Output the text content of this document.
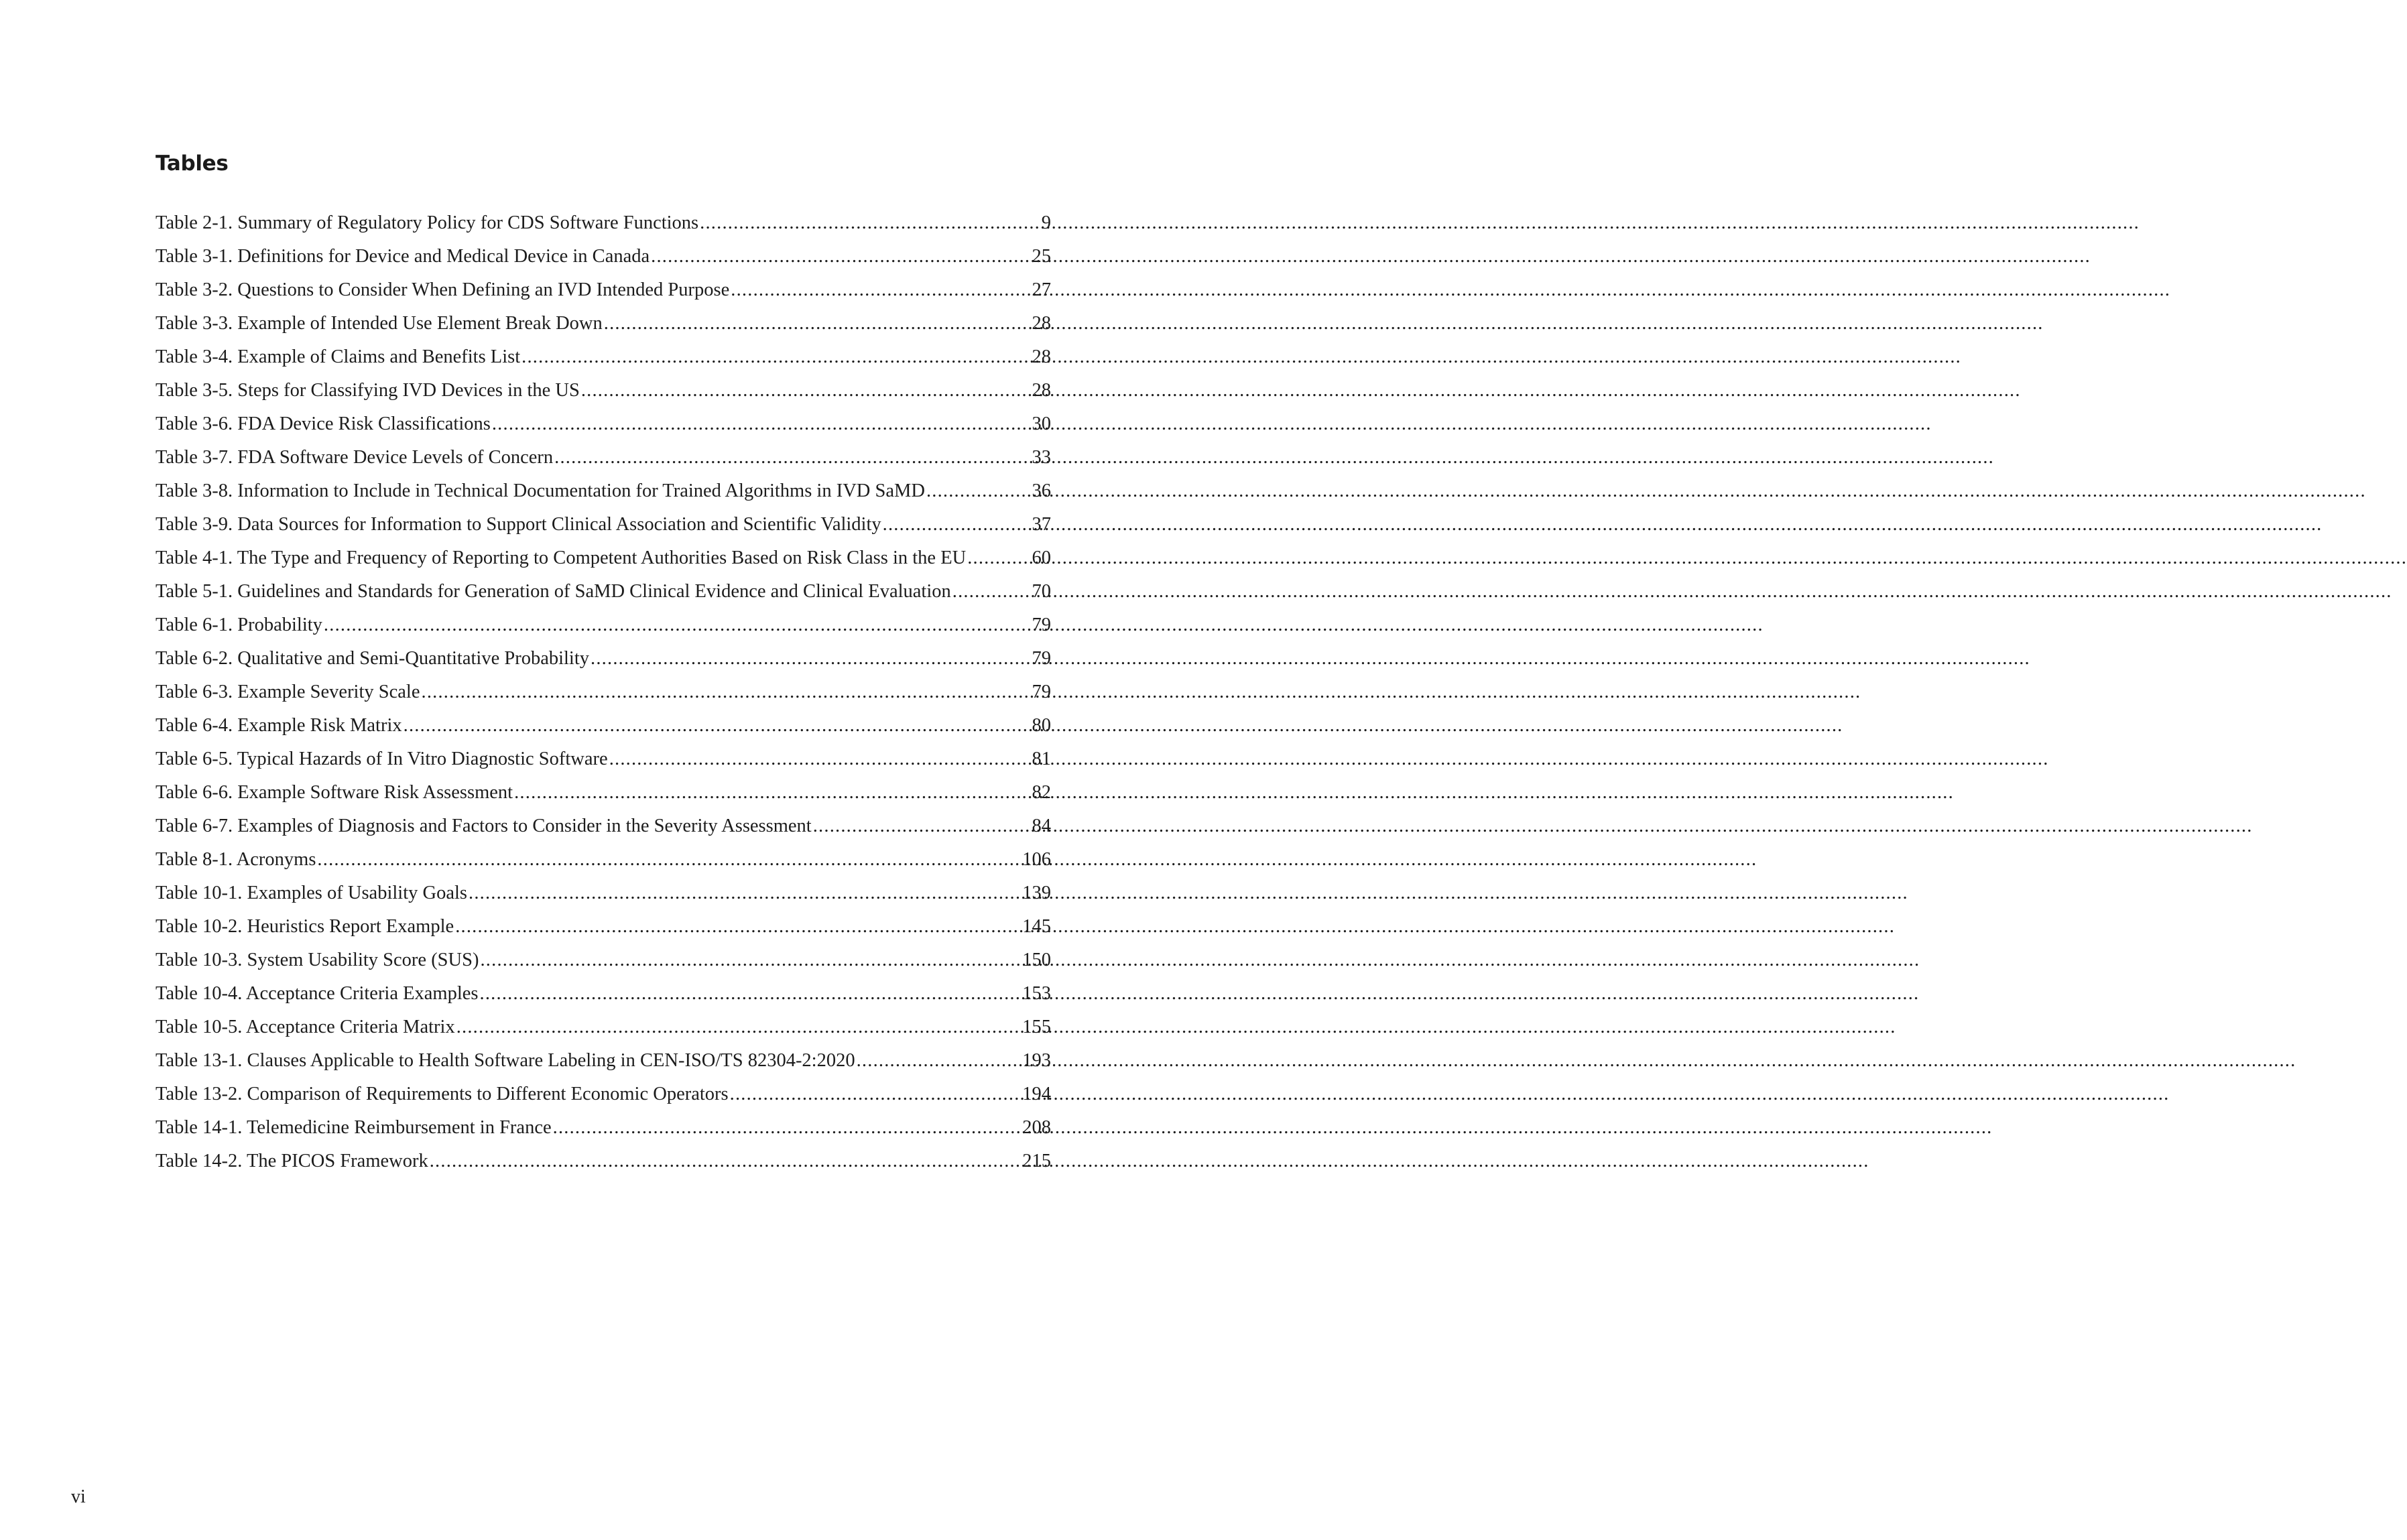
Tables
Table 2-1. Summary of Regulatory Policy for CDS Software Functions .....	9
Table 3-1. Definitions for Device and Medical Device in Canada .....	25
Table 3-2. Questions to Consider When Defining an IVD Intended Purpose .....	27
Table 3-3. Example of Intended Use Element Break Down .....	28
Table 3-4. Example of Claims and Benefits List .....	28
Table 3-5. Steps for Classifying IVD Devices in the US .....	28
Table 3-6. FDA Device Risk Classifications .....	30
Table 3-7. FDA Software Device Levels of Concern .....	33
Table 3-8. Information to Include in Technical Documentation for Trained Algorithms in IVD SaMD .....	36
Table 3-9. Data Sources for Information to Support Clinical Association and Scientific Validity .....	37
Table 4-1. The Type and Frequency of Reporting to Competent Authorities Based on Risk Class in the EU .....	60
Table 5-1. Guidelines and Standards for Generation of SaMD Clinical Evidence and Clinical Evaluation .....	70
Table 6-1. Probability .....	79
Table 6-2. Qualitative and Semi-Quantitative Probability .....	79
Table 6-3. Example Severity Scale .....	79
Table 6-4. Example Risk Matrix .....	80
Table 6-5. Typical Hazards of In Vitro Diagnostic Software .....	81
Table 6-6. Example Software Risk Assessment .....	82
Table 6-7. Examples of Diagnosis and Factors to Consider in the Severity Assessment .....	84
Table 8-1. Acronyms .....	106
Table 10-1. Examples of Usability Goals .....	139
Table 10-2. Heuristics Report Example .....	145
Table 10-3. System Usability Score (SUS) .....	150
Table 10-4. Acceptance Criteria Examples .....	153
Table 10-5. Acceptance Criteria Matrix .....	155
Table 13-1. Clauses Applicable to Health Software Labeling in CEN-ISO/TS 82304-2:2020 .....	193
Table 13-2. Comparison of Requirements to Different Economic Operators .....	194
Table 14-1. Telemedicine Reimbursement in France .....	208
Table 14-2. The PICOS Framework .....	215

vi
